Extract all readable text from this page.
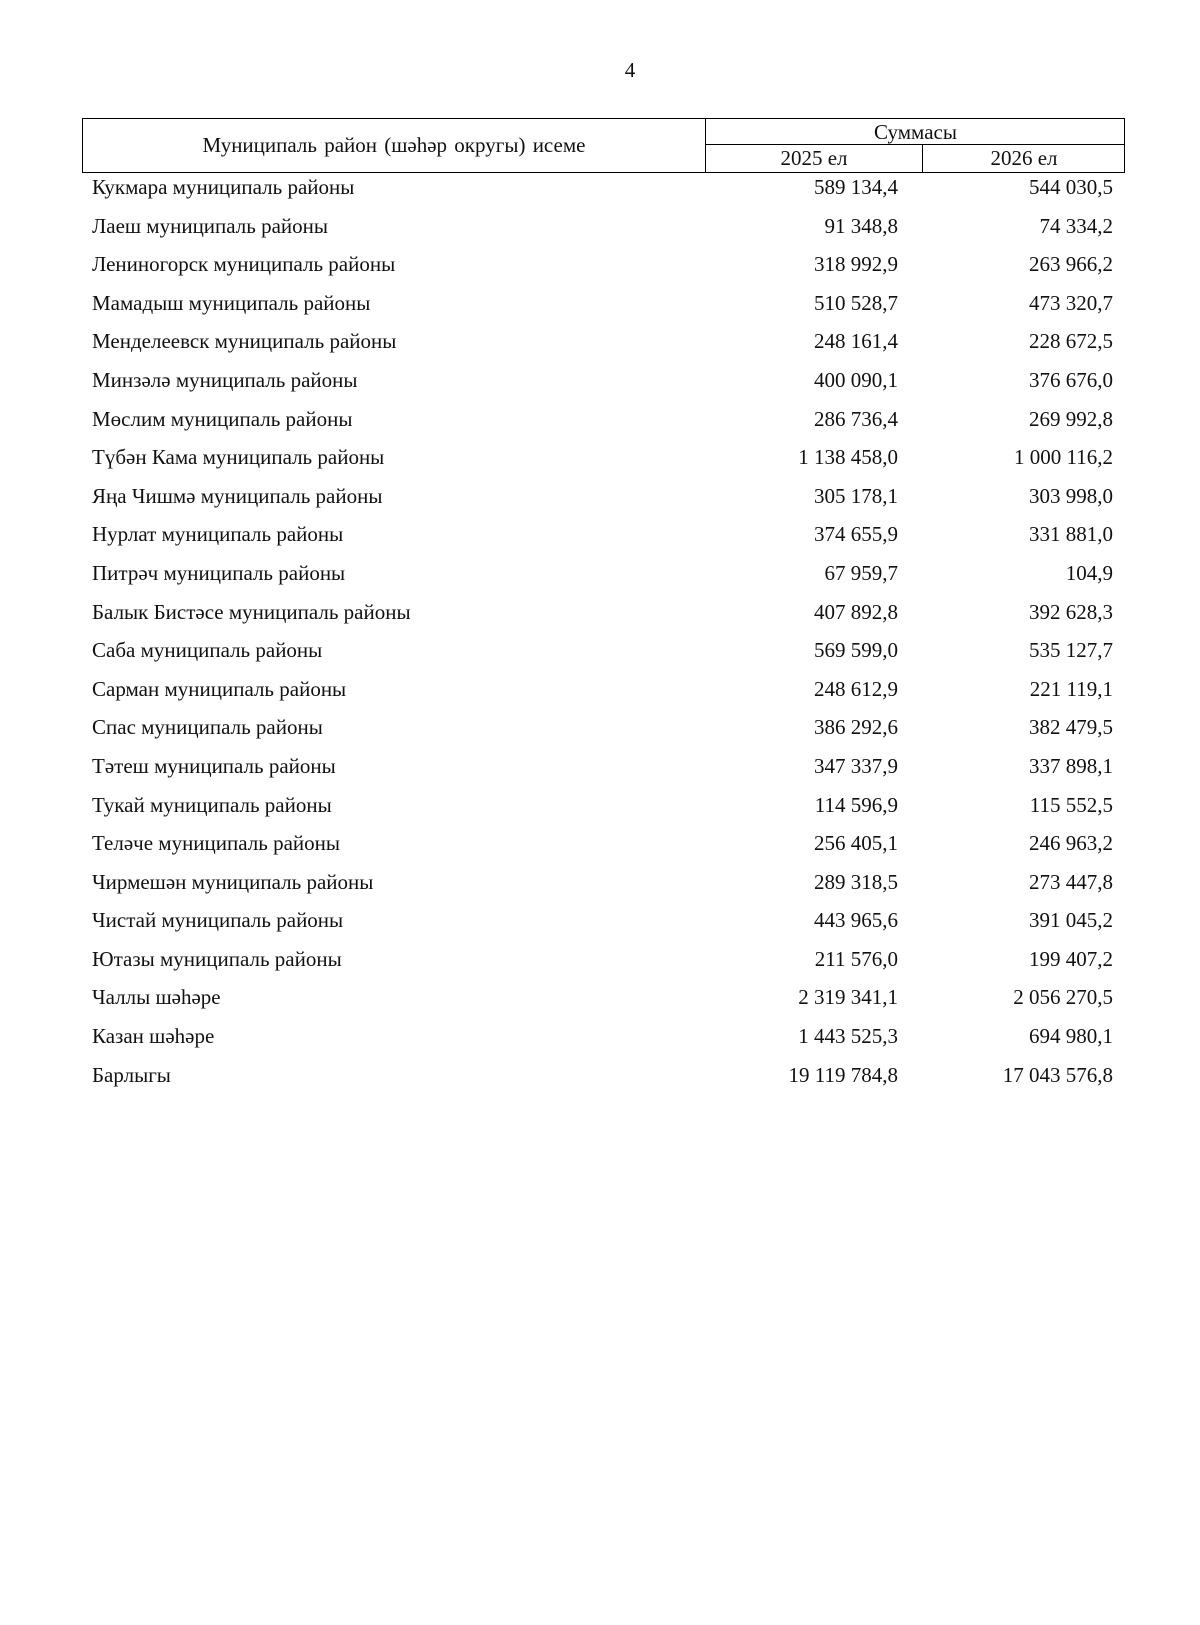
4
Муниципаль район (шәһәр округы) исеме
Суммасы
2025 ел	2026 ел
Кукмара муниципаль районы	589 134,4	544 030,5
Лаеш муниципаль районы	91 348,8	74 334,2
Лениногорск муниципаль районы	318 992,9	263 966,2
Мамадыш муниципаль районы	510 528,7	473 320,7
Менделеевск муниципаль районы	248 161,4	228 672,5
Минзәлә муниципаль районы	400 090,1	376 676,0
Мөслим муниципаль районы	286 736,4	269 992,8
Түбән Кама муниципаль районы	1 138 458,0	1 000 116,2
Яңа Чишмә муниципаль районы	305 178,1	303 998,0
Нурлат муниципаль районы	374 655,9	331 881,0
Питрәч муниципаль районы	67 959,7	104,9
Балык Бистәсе муниципаль районы	407 892,8	392 628,3
Саба муниципаль районы	569 599,0	535 127,7
Сарман муниципаль районы	248 612,9	221 119,1
Спас муниципаль районы	386 292,6	382 479,5
Тәтеш муниципаль районы	347 337,9	337 898,1
Тукай муниципаль районы	114 596,9	115 552,5
Теләче муниципаль районы	256 405,1	246 963,2
Чирмешән муниципаль районы	289 318,5	273 447,8
Чистай муниципаль районы	443 965,6	391 045,2
Ютазы муниципаль районы	211 576,0	199 407,2
Чаллы шәһәре	2 319 341,1	2 056 270,5
Казан шәһәре	1 443 525,3	694 980,1
Барлыгы	19 119 784,8	17 043 576,8
